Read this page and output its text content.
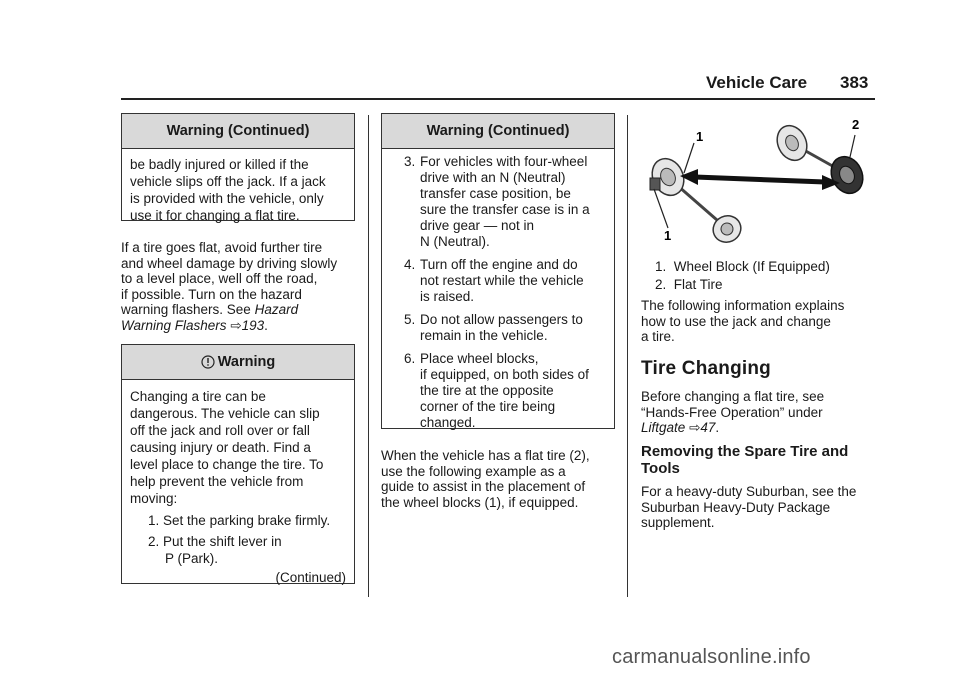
Vehicle Care 383
Warning (Continued)

be badly injured or killed if the

vehicle slips off the jack. If a jack

is provided with the vehicle, only

use it for changing a flat tire.

If a tire goes flat, avoid further tire
and wheel damage by driving slowly
to a level place, well off the road,
if possible. Turn on the hazard
warning flashers. See Hazard
Warning Flashers ⇨193.
Warning

Changing a tire can be

dangerous. The vehicle can slip

off the jack and roll over or fall

causing injury or death. Find a

level place to change the tire. To

help prevent the vehicle from

moving:

1. Set the parking brake firmly.
2. Put the shift lever in
P (Park).
(Continued)
Warning (Continued)
3. For vehicles with four-wheel
drive with an N (Neutral)
transfer case position, be
sure the transfer case is in a
drive gear — not in
N (Neutral).
4. Turn off the engine and do
not restart while the vehicle
is raised.
5. Do not allow passengers to
remain in the vehicle.
6. Place wheel blocks,
if equipped, on both sides of
the tire at the opposite
corner of the tire being
changed.
When the vehicle has a flat tire (2),
use the following example as a
guide to assist in the placement of
the wheel blocks (1), if equipped.
1
2
1
1. Wheel Block (If Equipped)
2. Flat Tire
The following information explains
how to use the jack and change
a tire.
Tire Changing
Before changing a flat tire, see
“Hands-Free Operation” under
Liftgate ⇨47.
Removing the Spare Tire and
Tools
For a heavy-duty Suburban, see the
Suburban Heavy-Duty Package
supplement.
carmanualsonline.info
